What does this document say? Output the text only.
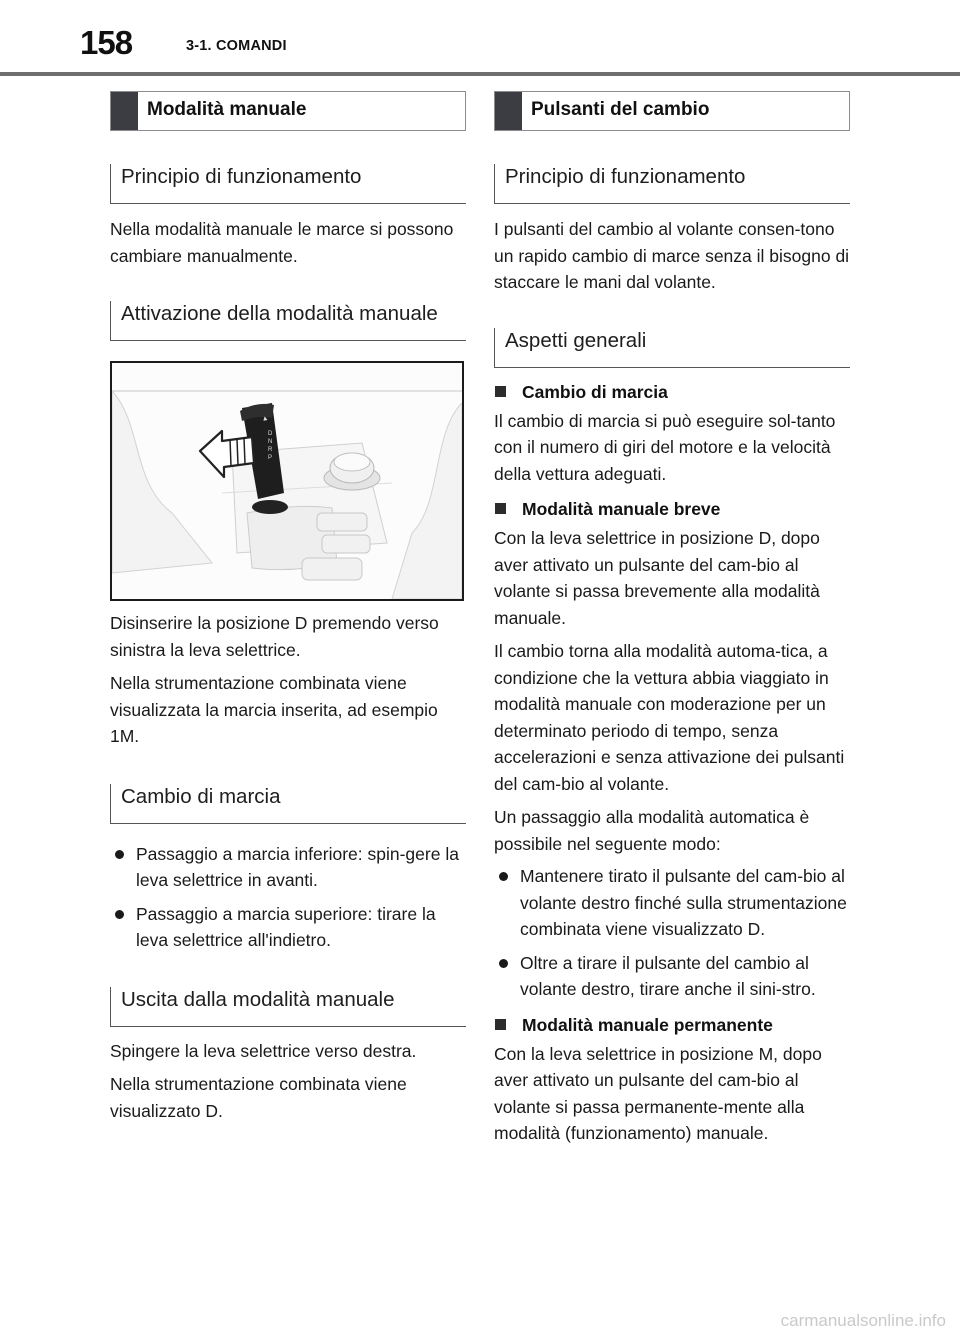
158	3-1. COMANDI
Modalità manuale
Principio di funzionamento

Nella modalità manuale le marce si possono cambiare manualmente.

Attivazione della modalità manuale
▲
D
N
R
P

Disinserire la posizione D premendo verso sinistra la leva selettrice.

Nella strumentazione combinata viene visualizzata la marcia inserita, ad esempio 1M.

Cambio di marcia
Passaggio a marcia inferiore: spin-gere la leva selettrice in avanti.
Passaggio a marcia superiore: tirare la leva selettrice all'indietro.
Uscita dalla modalità manuale

Spingere la leva selettrice verso destra.

Nella strumentazione combinata viene visualizzato D.

Pulsanti del cambio
Principio di funzionamento

I pulsanti del cambio al volante consen-tono un rapido cambio di marce senza il bisogno di staccare le mani dal volante.

Aspetti generali
Cambio di marcia

Il cambio di marcia si può eseguire sol-tanto con il numero di giri del motore e la velocità della vettura adeguati.

Modalità manuale breve

Con la leva selettrice in posizione D, dopo aver attivato un pulsante del cam-bio al volante si passa brevemente alla modalità manuale.

Il cambio torna alla modalità automa-tica, a condizione che la vettura abbia viaggiato in modalità manuale con moderazione per un determinato periodo di tempo, senza accelerazioni e senza attivazione dei pulsanti del cam-bio al volante.

Un passaggio alla modalità automatica è possibile nel seguente modo:

Mantenere tirato il pulsante del cam-bio al volante destro finché sulla strumentazione combinata viene visualizzato D.
Oltre a tirare il pulsante del cambio al volante destro, tirare anche il sini-stro.
Modalità manuale permanente

Con la leva selettrice in posizione M, dopo aver attivato un pulsante del cam-bio al volante si passa permanente-mente alla modalità (funzionamento) manuale.

carmanualsonline.info
